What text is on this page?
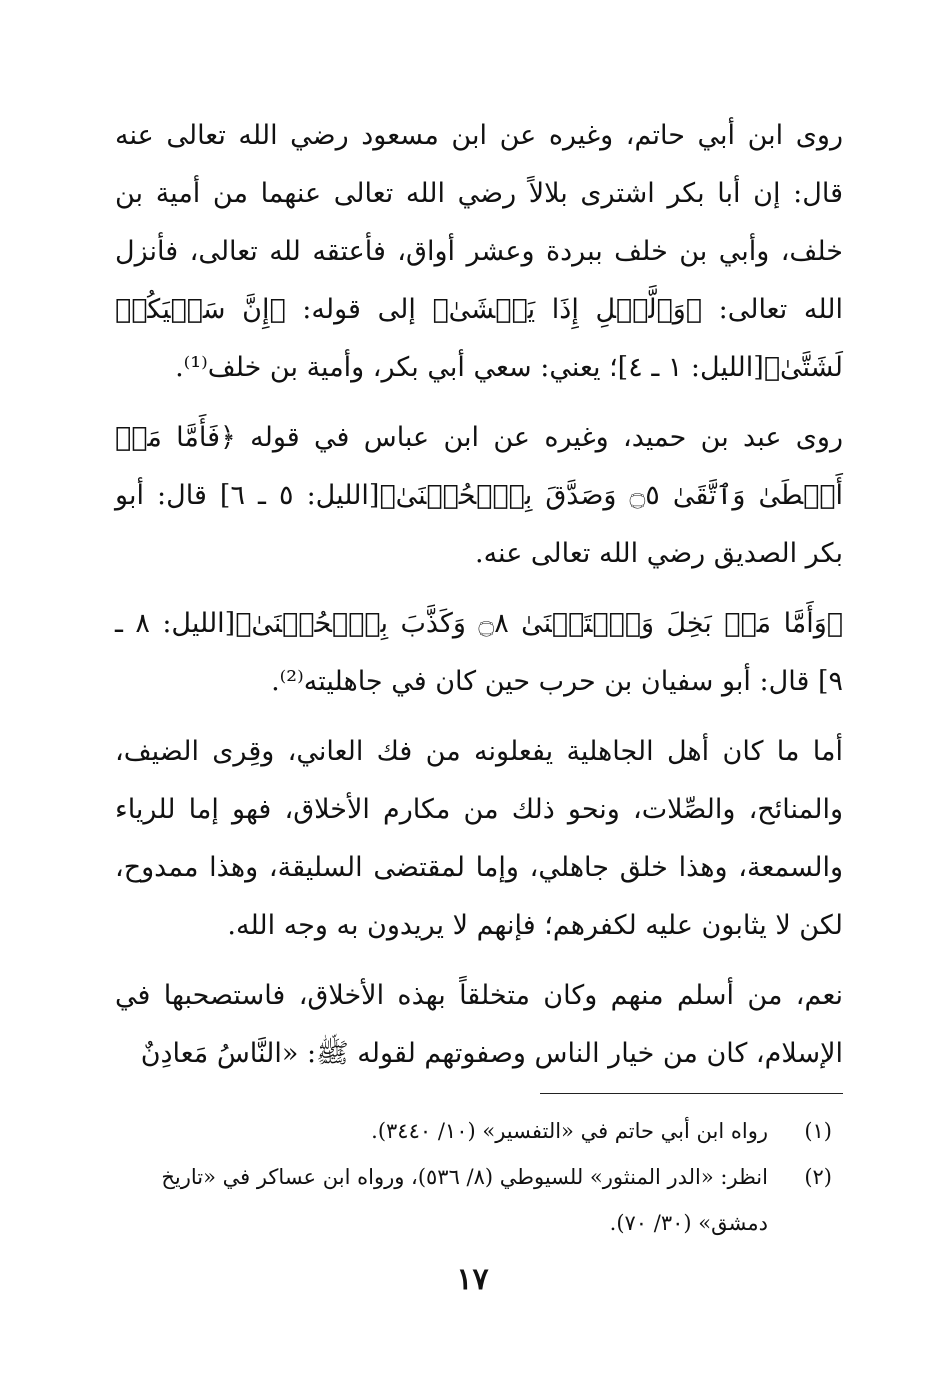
روى ابن أبي حاتم، وغيره عن ابن مسعود رضي الله تعالى عنه قال: إن أبا بكر اشترى بلالاً رضي الله تعالى عنهما من أمية بن خلف، وأبي بن خلف ببردة وعشر أواق، فأعتقه لله تعالى، فأنزل الله تعالى: ﴿وَٱلَّيۡلِ إِذَا يَغۡشَىٰ﴾ إلى قوله: ﴿إِنَّ سَعۡيَكُمۡ لَشَتَّىٰ﴾[الليل: ١ ـ ٤]؛ يعني: سعي أبي بكر، وأمية بن خلف⁽¹⁾.

روى عبد بن حميد، وغيره عن ابن عباس في قوله ﴿فَأَمَّا مَنۡ أَعۡطَىٰ وَٱتَّقَىٰ ۝٥ وَصَدَّقَ بِٱلۡحُسۡنَىٰ﴾[الليل: ٥ ـ ٦] قال: أبو بكر الصديق رضي الله تعالى عنه.

﴿وَأَمَّا مَنۢ بَخِلَ وَٱسۡتَغۡنَىٰ ۝٨ وَكَذَّبَ بِٱلۡحُسۡنَىٰ﴾[الليل: ٨ ـ ٩] قال: أبو سفيان بن حرب حين كان في جاهليته⁽²⁾.

أما ما كان أهل الجاهلية يفعلونه من فك العاني، وقِرى الضيف، والمنائح، والصِّلات، ونحو ذلك من مكارم الأخلاق، فهو إما للرياء والسمعة، وهذا خلق جاهلي، وإما لمقتضى السليقة، وهذا ممدوح، لكن لا يثابون عليه لكفرهم؛ فإنهم لا يريدون به وجه الله.

نعم، من أسلم منهم وكان متخلقاً بهذه الأخلاق، فاستصحبها في الإسلام، كان من خيار الناس وصفوتهم لقوله ﷺ: «النَّاسُ مَعادِنٌ

(١)
رواه ابن أبي حاتم في «التفسير» (١٠/ ٣٤٤٠).
(٢)
انظر: «الدر المنثور» للسيوطي (٨/ ٥٣٦)، ورواه ابن عساكر في «تاريخ دمشق» (٣٠/ ٧٠).
١٧
